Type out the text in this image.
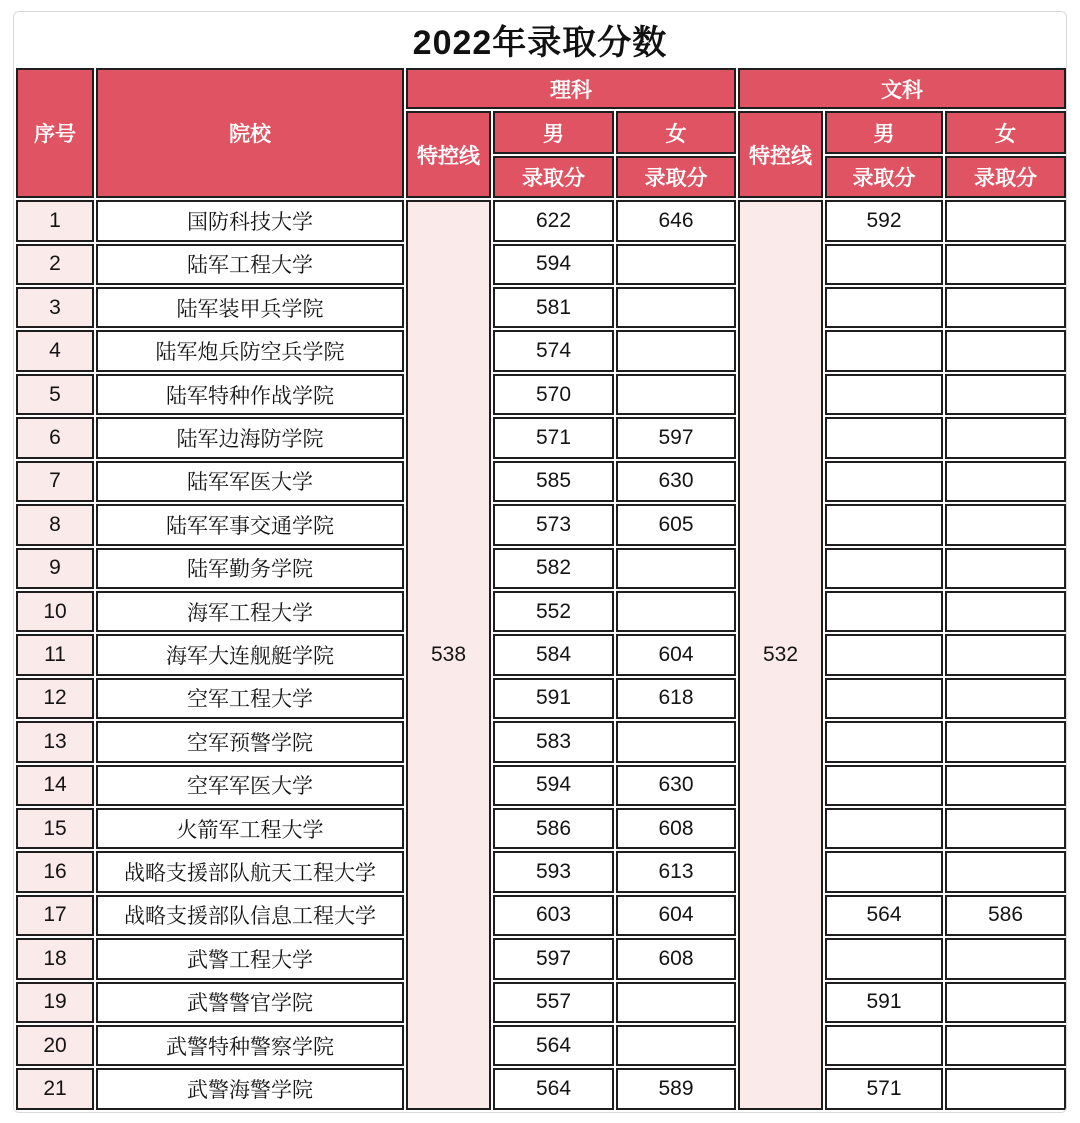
2022年录取分数
序号	院校	理科			文科		
		特控线	男	女	特控线	男	女
			录取分	录取分		录取分	录取分
1	国防科技大学	538	622	646	532	592	
2	陆军工程大学		594				
3	陆军装甲兵学院		581				
4	陆军炮兵防空兵学院		574				
5	陆军特种作战学院		570				
6	陆军边海防学院		571	597			
7	陆军军医大学		585	630			
8	陆军军事交通学院		573	605			
9	陆军勤务学院		582				
10	海军工程大学		552				
11	海军大连舰艇学院		584	604			
12	空军工程大学		591	618			
13	空军预警学院		583				
14	空军军医大学		594	630			
15	火箭军工程大学		586	608			
16	战略支援部队航天工程大学		593	613			
17	战略支援部队信息工程大学		603	604		564	586
18	武警工程大学		597	608			
19	武警警官学院		557			591	
20	武警特种警察学院		564				
21	武警海警学院		564	589		571	
